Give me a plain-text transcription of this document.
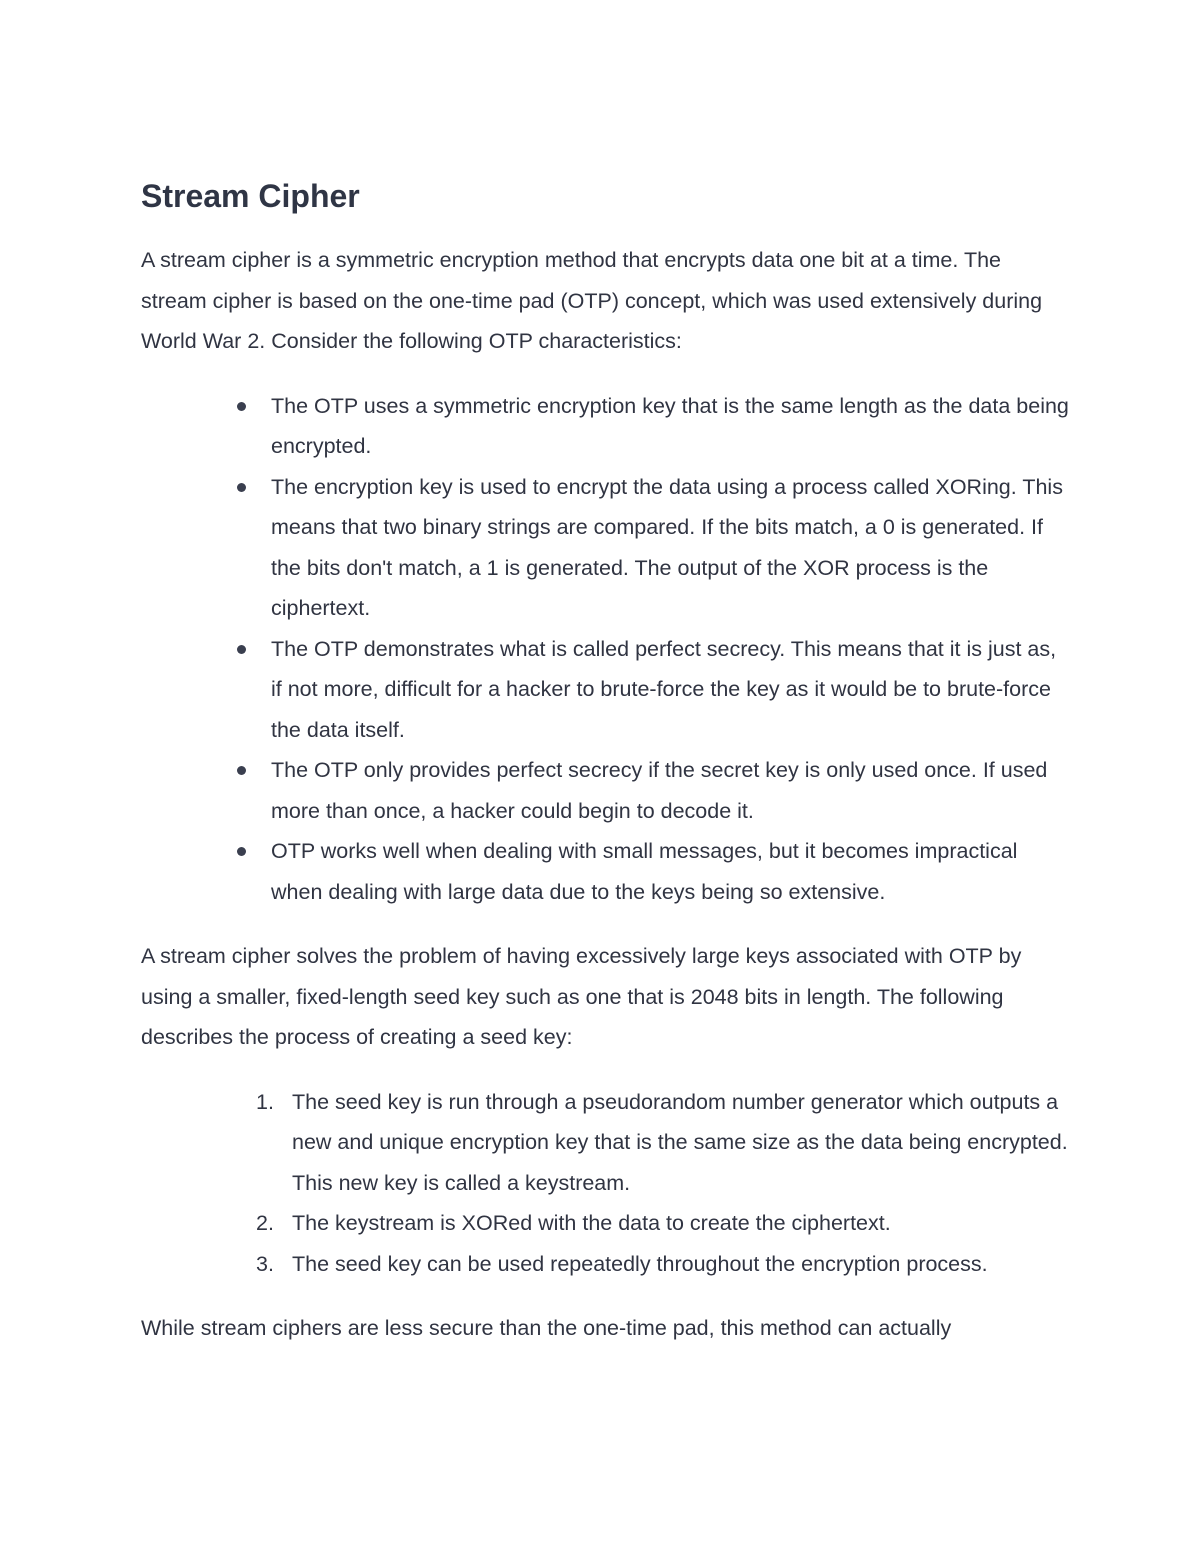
Stream Cipher

A stream cipher is a symmetric encryption method that encrypts data one bit at a time. The stream cipher is based on the one-time pad (OTP) concept, which was used extensively during World War 2. Consider the following OTP characteristics:

The OTP uses a symmetric encryption key that is the same length as the data being encrypted.
The encryption key is used to encrypt the data using a process called XORing. This means that two binary strings are compared. If the bits match, a 0 is generated. If the bits don't match, a 1 is generated. The output of the XOR process is the ciphertext.
The OTP demonstrates what is called perfect secrecy. This means that it is just as, if not more, difficult for a hacker to brute-force the key as it would be to brute-force the data itself.
The OTP only provides perfect secrecy if the secret key is only used once. If used more than once, a hacker could begin to decode it.
OTP works well when dealing with small messages, but it becomes impractical when dealing with large data due to the keys being so extensive.

A stream cipher solves the problem of having excessively large keys associated with OTP by using a smaller, fixed-length seed key such as one that is 2048 bits in length. The following describes the process of creating a seed key:

1. The seed key is run through a pseudorandom number generator which outputs a new and unique encryption key that is the same size as the data being encrypted. This new key is called a keystream.
2. The keystream is XORed with the data to create the ciphertext.
3. The seed key can be used repeatedly throughout the encryption process.

While stream ciphers are less secure than the one-time pad, this method can actually
